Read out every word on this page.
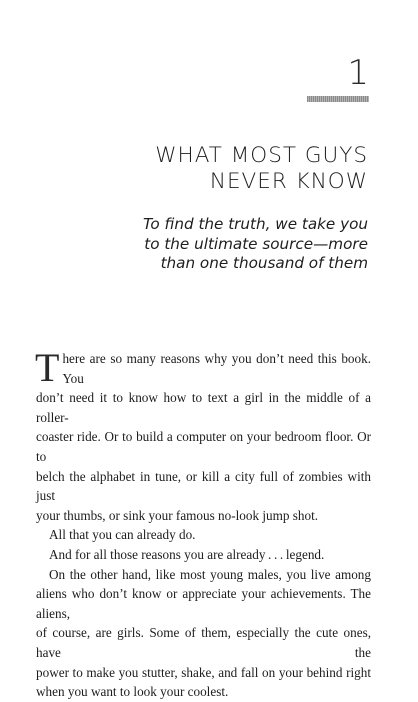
1
WHAT MOST GUYS
NEVER KNOW
To find the truth, we take you
to the ultimate source—more
than one thousand of them

T here are so many reasons why you don’t need this book. You
don’t need it to know how to text a girl in the middle of a roller-
coaster ride. Or to build a computer on your bedroom floor. Or to
belch the alphabet in tune, or kill a city full of zombies with just
your thumbs, or sink your famous no-look jump shot.

All that you can already do.

And for all those reasons you are already . . . legend.

On the other hand, like most young males, you live among
aliens who don’t know or appreciate your achievements. The aliens,
of course, are girls. Some of them, especially the cute ones, have the
power to make you stutter, shake, and fall on your behind right
when you want to look your coolest.
